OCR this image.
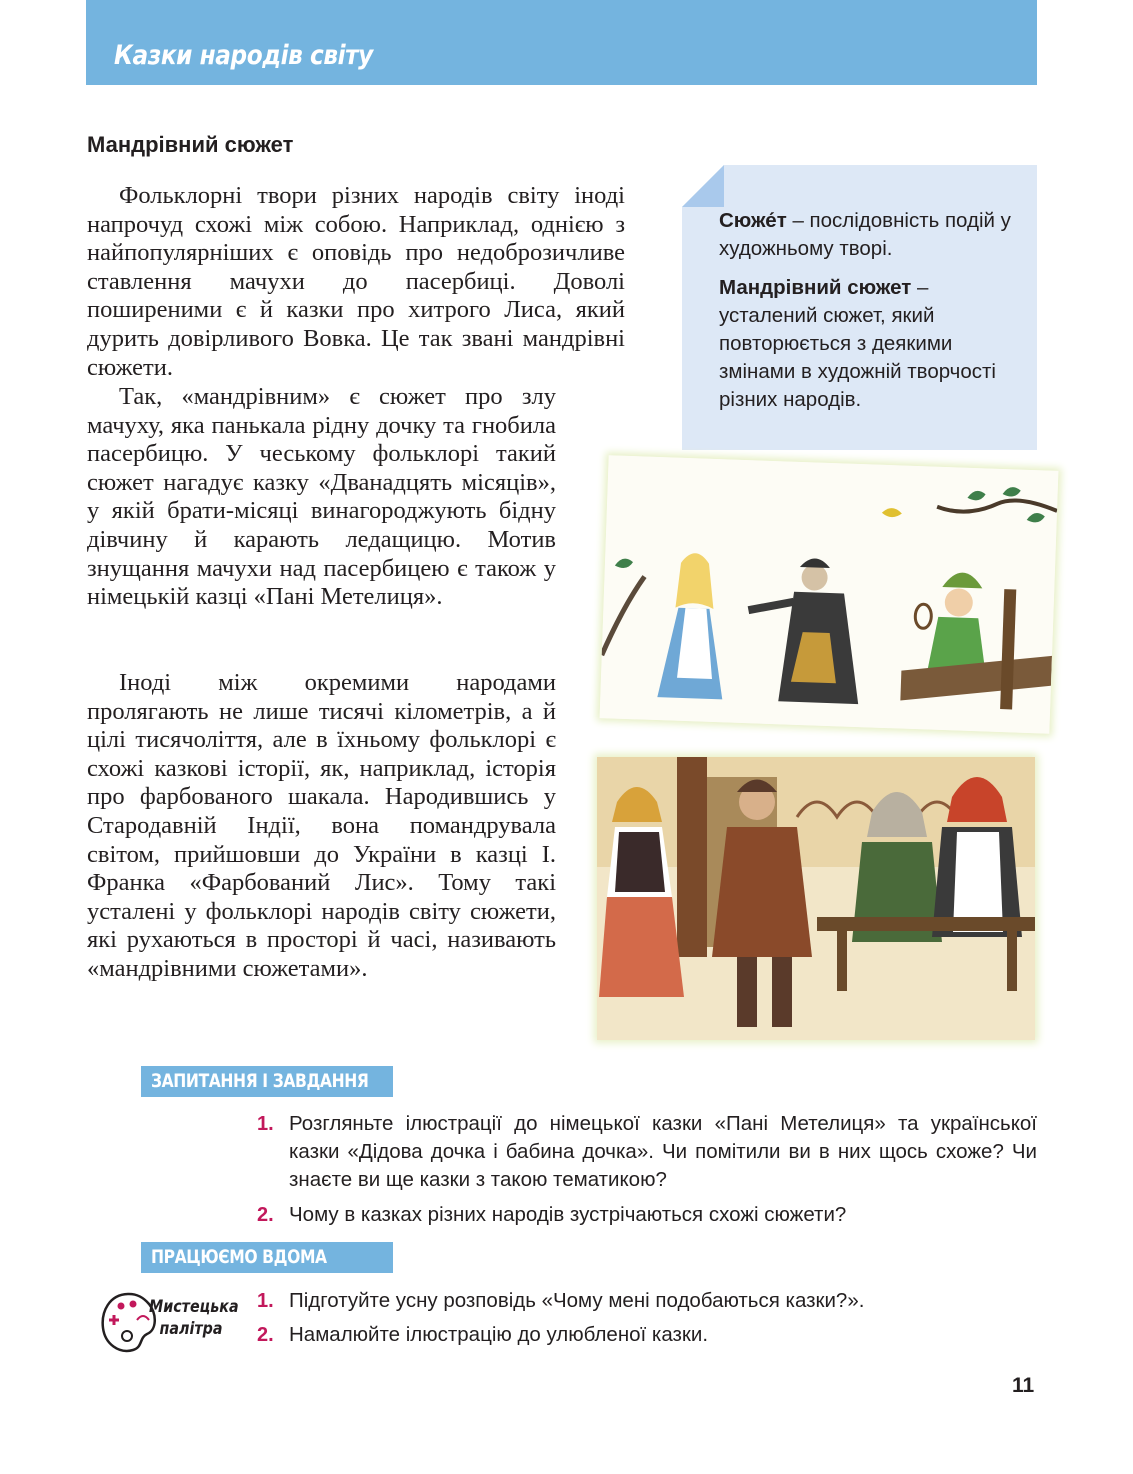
Казки народів світу
Мандрівний сюжет

Фольклорні твори різних народів світу іноді напрочуд схожі між собою. Наприклад, однією з найпопулярніших є оповідь про недоброзичливе ставлення мачухи до пасербиці. Доволі поширеними є й казки про хитрого Лиса, який дурить довірливого Вовка. Це так звані мандрівні сюжети.

Так, «мандрівним» є сюжет про злу мачуху, яка панькала рідну дочку та гнобила пасербицю. У чеському фольклорі такий сюжет нагадує казку «Дванадцять місяців», у якій брати-місяці винагороджують бідну дівчину й карають ледащицю. Мотив знущання мачухи над пасербицею є також у німецькій казці «Пані Метелиця».

Іноді між окремими народами пролягають не лише тисячі кілометрів, а й цілі тисячоліття, але в їхньому фольклорі є схожі казкові історії, як, наприклад, історія про фарбованого шакала. Народившись у Стародавній Індії, вона помандрувала світом, прийшовши до України в казці І. Франка «Фарбований Лис». Тому такі усталені у фольклорі народів світу сюжети, які рухаються в просторі й часі, називають «мандрівними сюжетами».

Сюже́т – послідовність подій у художньому творі.

Мандрівний сюжет – усталений сюжет, який повторюється з деякими змінами в художній творчості різних народів.

ЗАПИТАННЯ І ЗАВДАННЯ
1. Розгляньте ілюстрації до німецької казки «Пані Метелиця» та української казки «Дідова дочка і бабина дочка». Чи помітили ви в них щось схоже? Чи знаєте ви ще казки з такою тематикою?
2. Чому в казках різних народів зустрічаються схожі сюжети?
ПРАЦЮЄМО ВДОМА
Мистецька палітра
1. Підготуйте усну розповідь «Чому мені подобаються казки?».
2. Намалюйте ілюстрацію до улюбленої казки.
11
